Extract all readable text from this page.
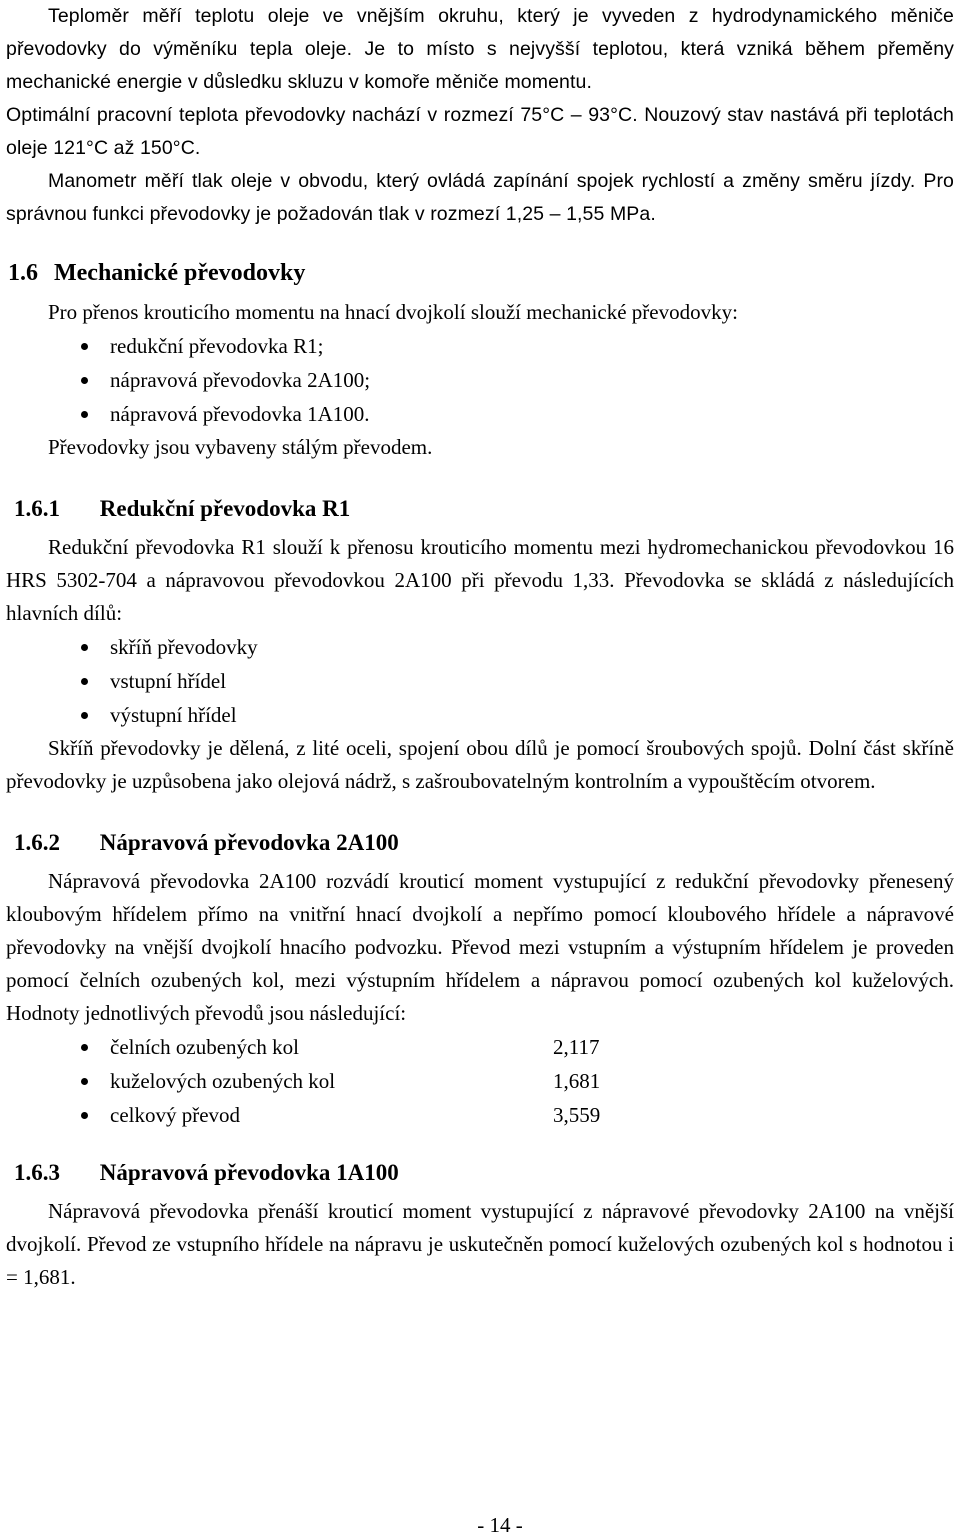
Teploměr měří teplotu oleje ve vnějším okruhu, který je vyveden z hydrodynamického měniče převodovky do výměníku tepla oleje. Je to místo s nejvyšší teplotou, která vzniká během přeměny mechanické energie v důsledku skluzu v komoře měniče momentu.

Optimální pracovní teplota převodovky nachází v rozmezí 75°C – 93°C. Nouzový stav nastává při teplotách oleje 121°C až 150°C.

Manometr měří tlak oleje v obvodu, který ovládá zapínání spojek rychlostí a změny směru jízdy. Pro správnou funkci převodovky je požadován tlak v rozmezí 1,25 – 1,55 MPa.

1.6 Mechanické převodovky

Pro přenos krouticího momentu na hnací dvojkolí slouží mechanické převodovky:

redukční převodovka R1;
nápravová převodovka 2A100;
nápravová převodovka 1A100.

Převodovky jsou vybaveny stálým převodem.

1.6.1 Redukční převodovka R1

Redukční převodovka R1 slouží k přenosu krouticího momentu mezi hydromechanickou převodovkou 16 HRS 5302-704 a nápravovou převodovkou 2A100 při převodu 1,33. Převodovka se skládá z následujících hlavních dílů:

skříň převodovky
vstupní hřídel
výstupní hřídel

Skříň převodovky je dělená, z lité oceli, spojení obou dílů je pomocí šroubových spojů. Dolní část skříně převodovky je uzpůsobena jako olejová nádrž, s zašroubovatelným kontrolním a vypouštěcím otvorem.

1.6.2 Nápravová převodovka 2A100

Nápravová převodovka 2A100 rozvádí krouticí moment vystupující z redukční převodovky přenesený kloubovým hřídelem přímo na vnitřní hnací dvojkolí a nepřímo pomocí kloubového hřídele a nápravové převodovky na vnější dvojkolí hnacího podvozku. Převod mezi vstupním a výstupním hřídelem je proveden pomocí čelních ozubených kol, mezi výstupním hřídelem a nápravou pomocí ozubených kol kuželových. Hodnoty jednotlivých převodů jsou následující:

čelních ozubených kol	2,117
kuželových ozubených kol	1,681
celkový převod	3,559
1.6.3 Nápravová převodovka 1A100

Nápravová převodovka přenáší krouticí moment vystupující z nápravové převodovky 2A100 na vnější dvojkolí. Převod ze vstupního hřídele na nápravu je uskutečněn pomocí kuželových ozubených kol s hodnotou i = 1,681.

- 14 -
